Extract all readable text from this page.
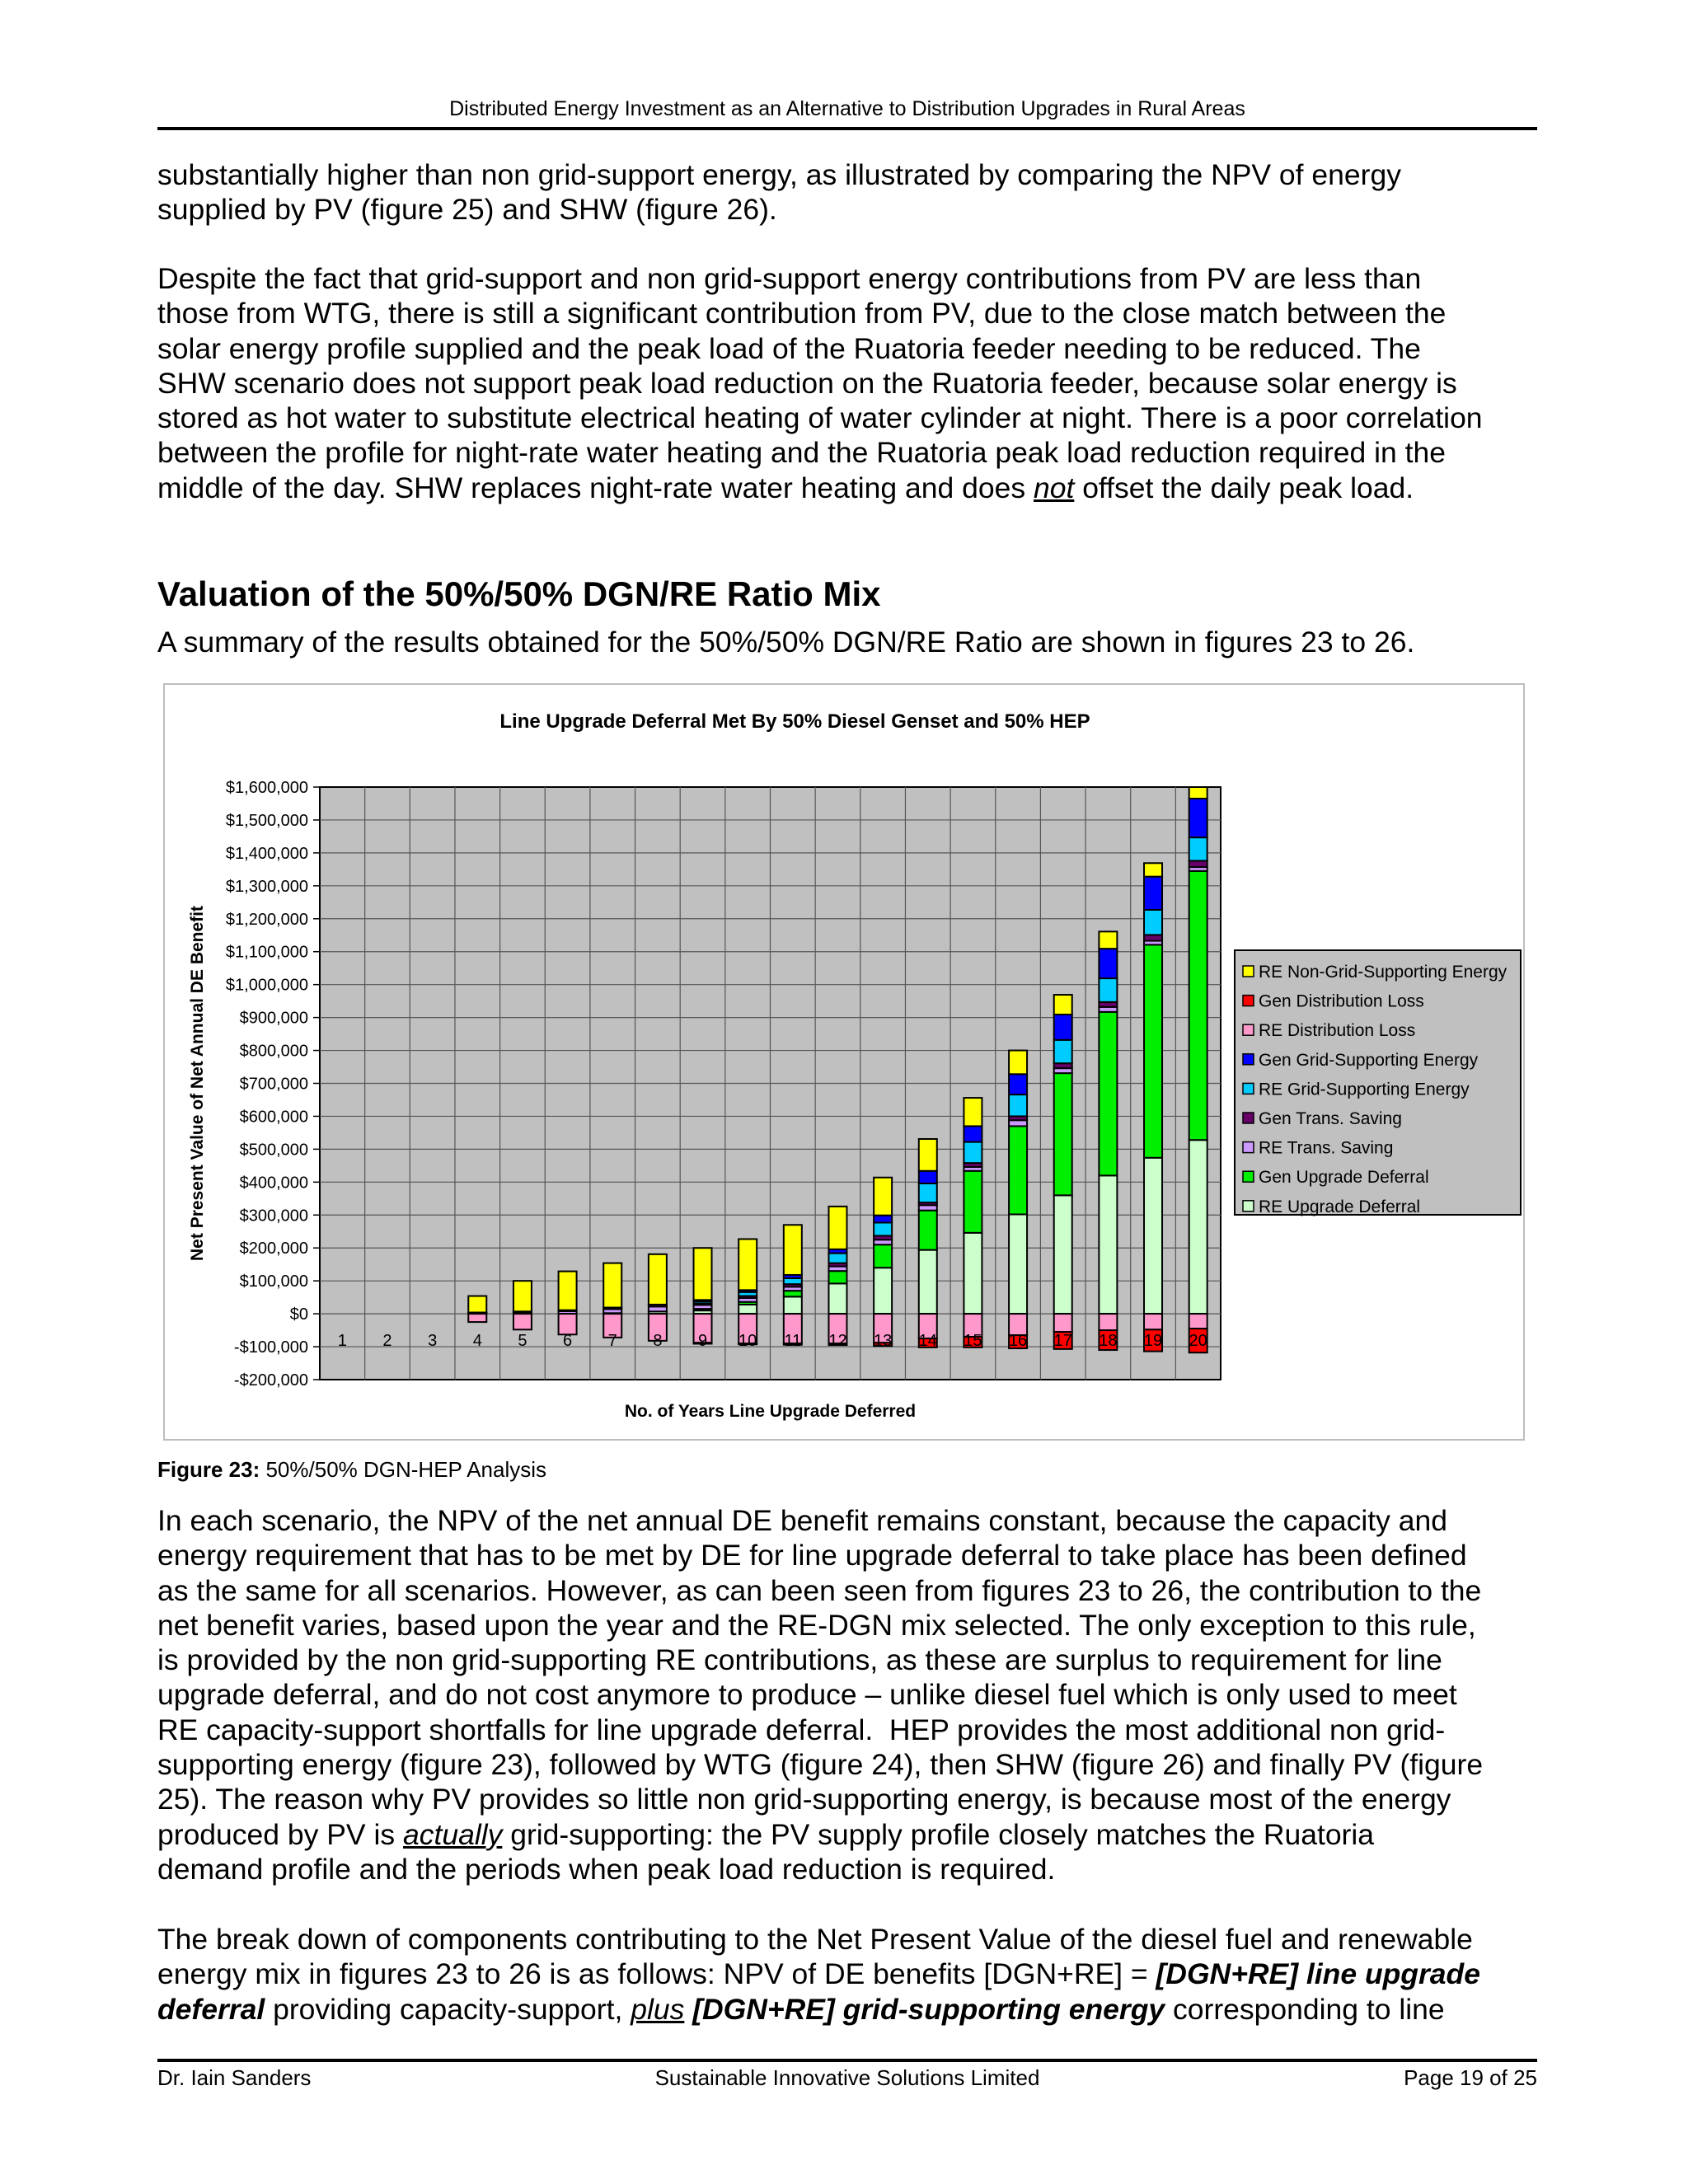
Distributed Energy Investment as an Alternative to Distribution Upgrades in Rural Areas
substantially higher than non grid-support energy, as illustrated by comparing the NPV of energy
supplied by PV (figure 25) and SHW (figure 26).
Despite the fact that grid-support and non grid-support energy contributions from PV are less than
those from WTG, there is still a significant contribution from PV, due to the close match between the
solar energy profile supplied and the peak load of the Ruatoria feeder needing to be reduced. The
SHW scenario does not support peak load reduction on the Ruatoria feeder, because solar energy is
stored as hot water to substitute electrical heating of water cylinder at night. There is a poor correlation
between the profile for night-rate water heating and the Ruatoria peak load reduction required in the
middle of the day. SHW replaces night-rate water heating and does not offset the daily peak load.
Valuation of the 50%/50% DGN/RE Ratio Mix
A summary of the results obtained for the 50%/50% DGN/RE Ratio are shown in figures 23 to 26.
Line Upgrade Deferral Met By 50% Diesel Genset and 50% HEP
-$200,000
-$100,000
$0
$100,000
$200,000
$300,000
$400,000
$500,000
$600,000
$700,000
$800,000
$900,000
$1,000,000
$1,100,000
$1,200,000
$1,300,000
$1,400,000
$1,500,000
$1,600,000
Net Present Value of Net Annual DE Benefit
No. of Years Line Upgrade Deferred
1 2 3 4 5 6 7 8 9 10 11 12 13 14 15 16 17 18 19 20
RE Non-Grid-Supporting Energy
Gen Distribution Loss
RE Distribution Loss
Gen Grid-Supporting Energy
RE Grid-Supporting Energy
Gen Trans. Saving
RE Trans. Saving
Gen Upgrade Deferral
RE Upgrade Deferral
Figure 23: 50%/50% DGN-HEP Analysis
In each scenario, the NPV of the net annual DE benefit remains constant, because the capacity and
energy requirement that has to be met by DE for line upgrade deferral to take place has been defined
as the same for all scenarios. However, as can been seen from figures 23 to 26, the contribution to the
net benefit varies, based upon the year and the RE-DGN mix selected. The only exception to this rule,
is provided by the non grid-supporting RE contributions, as these are surplus to requirement for line
upgrade deferral, and do not cost anymore to produce – unlike diesel fuel which is only used to meet
RE capacity-support shortfalls for line upgrade deferral.  HEP provides the most additional non grid-
supporting energy (figure 23), followed by WTG (figure 24), then SHW (figure 26) and finally PV (figure
25). The reason why PV provides so little non grid-supporting energy, is because most of the energy
produced by PV is actually grid-supporting: the PV supply profile closely matches the Ruatoria
demand profile and the periods when peak load reduction is required.
The break down of components contributing to the Net Present Value of the diesel fuel and renewable
energy mix in figures 23 to 26 is as follows: NPV of DE benefits [DGN+RE] = [DGN+RE] line upgrade
deferral providing capacity-support, plus [DGN+RE] grid-supporting energy corresponding to line
Dr. Iain Sanders	Sustainable Innovative Solutions Limited	Page 19 of 25
